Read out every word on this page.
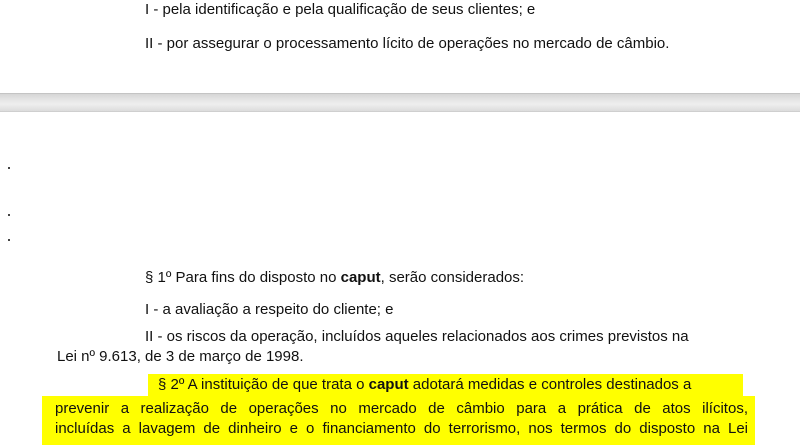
I - pela identificação e pela qualificação de seus clientes; e
II - por assegurar o processamento lícito de operações no mercado de câmbio.
§ 1º Para fins do disposto no caput, serão considerados:
I - a avaliação a respeito do cliente; e
II - os riscos da operação, incluídos aqueles relacionados aos crimes previstos na
Lei nº 9.613, de 3 de março de 1998.
§ 2º A instituição de que trata o caput adotará medidas e controles destinados a
prevenir a realização de operações no mercado de câmbio para a prática de atos ilícitos,
incluídas a lavagem de dinheiro e o financiamento do terrorismo, nos termos do disposto na Lei
